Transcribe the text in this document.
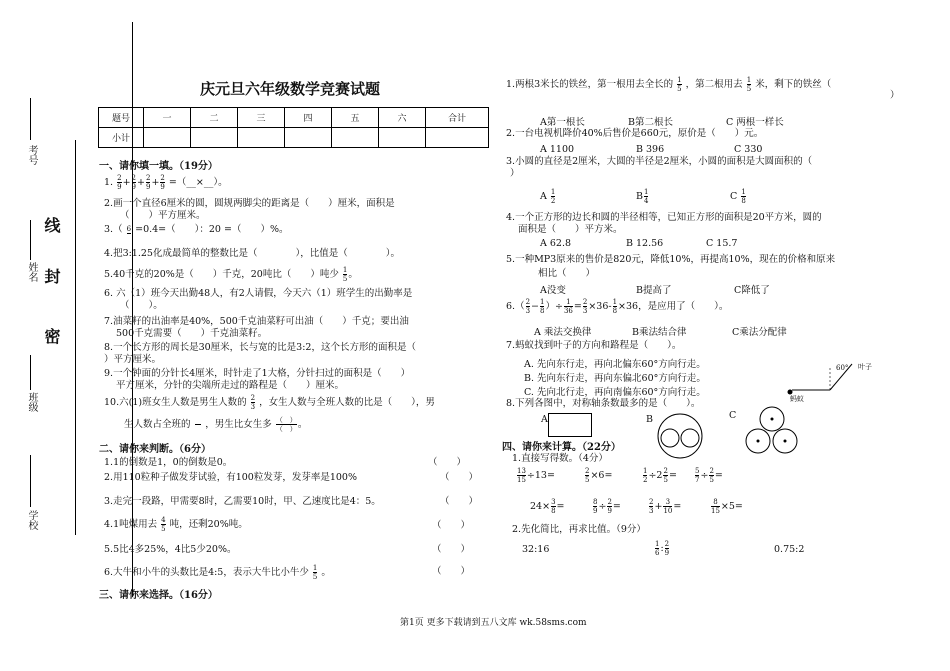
考号
姓名
班级
学校
线
封
密
庆元旦六年级数学竞赛试题
题号	一	二	三	四	五	六	合计
小计							
一、请你填一填。（19分）
1. $\frac{2}{9} + \frac{2}{9} + \frac{2}{9} + \frac{2}{9}$ =（__×__）。
2.画一个直径6厘米的圆，圆规两脚尖的距离是（　　）厘米，面积是
（　　）平方厘米。
3.（ 6 =0.4=（　　）：20 =（　　）%。
4.把3:1.25化成最简单的整数比是（　　　　），比值是（　　　　）。
5.40千克的20%是（　　）千克，20吨比（　　）吨少 $\frac{1}{5}$ 。
6. 六（1）班今天出勤48人，有2人请假，今天六（1）班学生的出勤率是
（　　）。
7.油菜籽的出油率是40%，500千克油菜籽可出油（　　）千克；要出油
500千克需要（　　）千克油菜籽。
8.一个长方形的周长是30厘米，长与宽的比是3:2，这个长方形的面积是（
）平方厘米。
9.一个钟面的分针长4厘米，时针走了1大格，分针扫过的面积是（　　）
平方厘米，分针的尖端所走过的路程是（　　）厘米。
10.六(1)班女生人数是男生人数的 $\frac{2}{3}$ ，女生人数与全班人数的比是（　　），男
生人数占全班的

，男生比女生多 $\frac{( )}{( )}$ 。
二、请你来判断。（6分）
1.1的倒数是1，0的倒数是0。	（　　）
2.用110粒种子做发芽试验，有100粒发芽，发芽率是100%	（　　）
3.走完一段路，甲需要8时，乙需要10时，甲、乙速度比是4：5。	（　　）
4.1吨煤用去 $\frac{4}{5}$ 吨，还剩20%吨。	（　　）
5.5比4多25%，4比5少20%。	（　　）
6.大牛和小牛的头数比是4:5，表示大牛比小牛少 $\frac{1}{5}$ 。	（　　）
三、请你来选择。（16分）
1.两根3米长的铁丝，第一根用去全长的 $\frac{1}{5}$ ，第二根用去 $\frac{1}{5}$ 米，剩下的铁丝（
）
A第一根长	B第二根长	C 两根一样长
2.一台电视机降价40%后售价是660元，原价是（　　）元。
A 1100	B 396	C 330
3.小圆的直径是2厘米，大圆的半径是2厘米，小圆的面积是大圆面积的（
）
A $\frac{1}{2}$	B $\frac{1}{4}$	C $\frac{1}{8}$
4.一个正方形的边长和圆的半径相等，已知正方形的面积是20平方米，圆的
面积是（　　）平方米。
A 62.8	B 12.56	C 15.7
5.一种MP3原来的售价是820元，降低10%，再提高10%，现在的价格和原来
相比（　　）
A没变	B提高了	C降低了
$6.( \frac{2}{3} - \frac{1}{8}$ ）÷ $\frac{1}{36} = \frac{2}{3} \times 36- \frac{1}{8} \times 36$，是应用了（　　）。
A 乘法交换律	B乘法结合律	C乘法分配律
7.蚂蚁找到叶子的方向和路程是（　　）。
A. 先向东行走，再向北偏东60°方向行走。
B. 先向东行走，再向东偏北60°方向行走。
C. 先向北行走，再向南偏东60°方向行走。
60° 叶子
蚂蚁
8.下列各图中，对称轴条数最多的是（　　）。
A	B	C
四、请你来计算。（22分）
1.直接写得数。（4分）
$\frac{13}{15} \div 13=$	$\frac{2}{5} \times 6=$	$\frac{1}{2} \div 2 \frac{2}{5}$ =	$\frac{5}{7} \div \frac{2}{5}$ =
$24\times \frac{3}{8}$ =	$\frac{8}{9} \div \frac{2}{9}$ =	$\frac{2}{3} + \frac{3}{10}$ =	$\frac{8}{15} \times 5=$
2.先化简比，再求比值。（9分）
32:16	$\frac{1}{6}$ : $\frac{2}{9}$	0.75:2
第1页 更多下载请到五八文库 wk.58sms.com
